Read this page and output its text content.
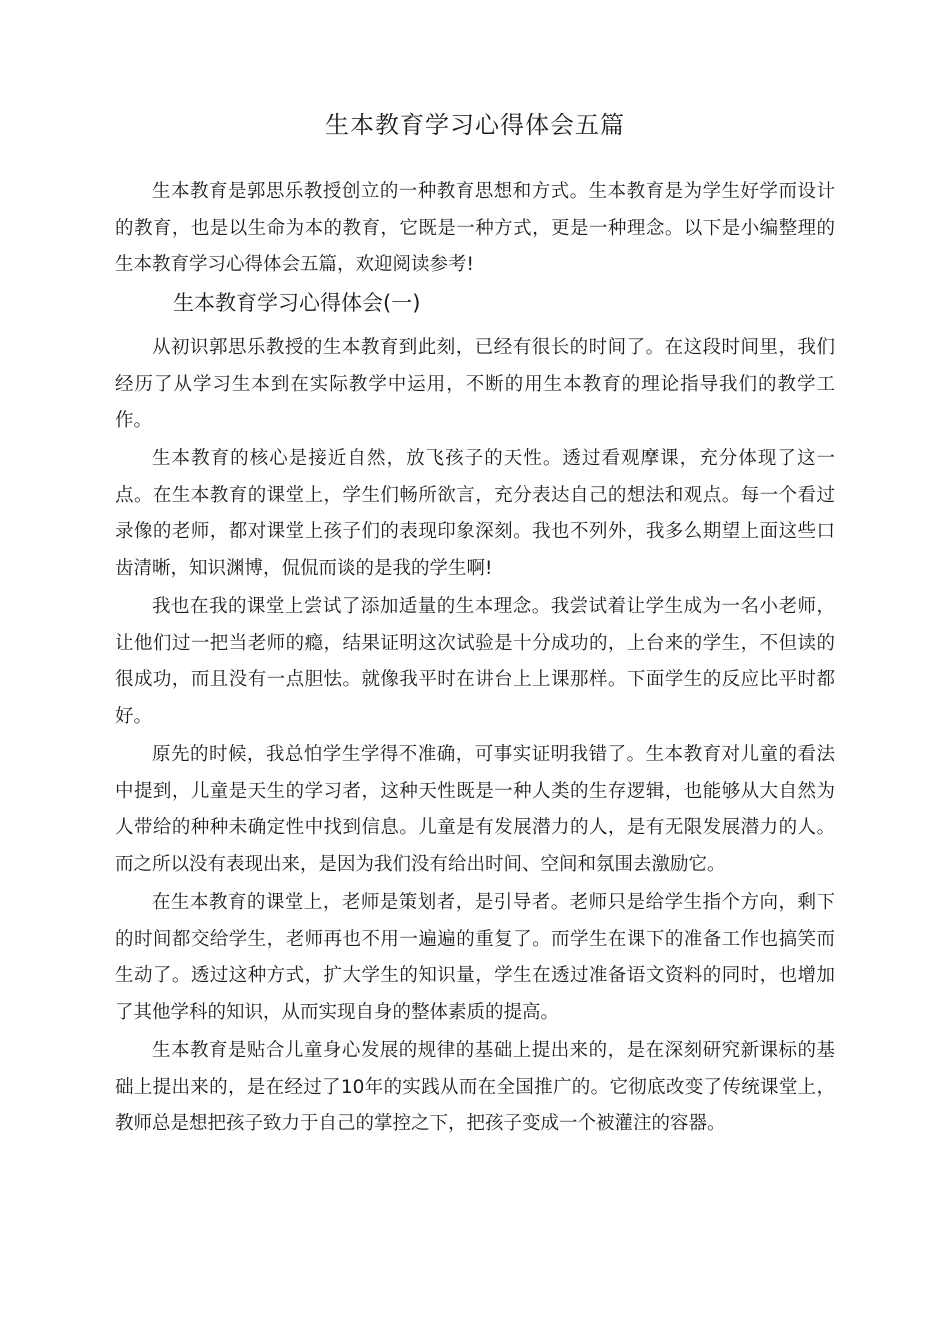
生本教育学习心得体会五篇

生本教育是郭思乐教授创立的一种教育思想和方式。生本教育是为学生好学而设计的教育，也是以生命为本的教育，它既是一种方式，更是一种理念。以下是小编整理的生本教育学习心得体会五篇，欢迎阅读参考!

生本教育学习心得体会(一)

从初识郭思乐教授的生本教育到此刻，已经有很长的时间了。在这段时间里，我们经历了从学习生本到在实际教学中运用，不断的用生本教育的理论指导我们的教学工作。

生本教育的核心是接近自然，放飞孩子的天性。透过看观摩课，充分体现了这一点。在生本教育的课堂上，学生们畅所欲言，充分表达自己的想法和观点。每一个看过录像的老师，都对课堂上孩子们的表现印象深刻。我也不列外，我多么期望上面这些口齿清晰，知识渊博，侃侃而谈的是我的学生啊!

我也在我的课堂上尝试了添加适量的生本理念。我尝试着让学生成为一名小老师，让他们过一把当老师的瘾，结果证明这次试验是十分成功的，上台来的学生，不但读的很成功，而且没有一点胆怯。就像我平时在讲台上上课那样。下面学生的反应比平时都好。

原先的时候，我总怕学生学得不准确，可事实证明我错了。生本教育对儿童的看法中提到，儿童是天生的学习者，这种天性既是一种人类的生存逻辑，也能够从大自然为人带给的种种未确定性中找到信息。儿童是有发展潜力的人，是有无限发展潜力的人。而之所以没有表现出来，是因为我们没有给出时间、空间和氛围去激励它。

在生本教育的课堂上，老师是策划者，是引导者。老师只是给学生指个方向，剩下的时间都交给学生，老师再也不用一遍遍的重复了。而学生在课下的准备工作也搞笑而生动了。透过这种方式，扩大学生的知识量，学生在透过准备语文资料的同时，也增加了其他学科的知识，从而实现自身的整体素质的提高。

生本教育是贴合儿童身心发展的规律的基础上提出来的，是在深刻研究新课标的基础上提出来的，是在经过了10年的实践从而在全国推广的。它彻底改变了传统课堂上，教师总是想把孩子致力于自己的掌控之下，把孩子变成一个被灌注的容器。
